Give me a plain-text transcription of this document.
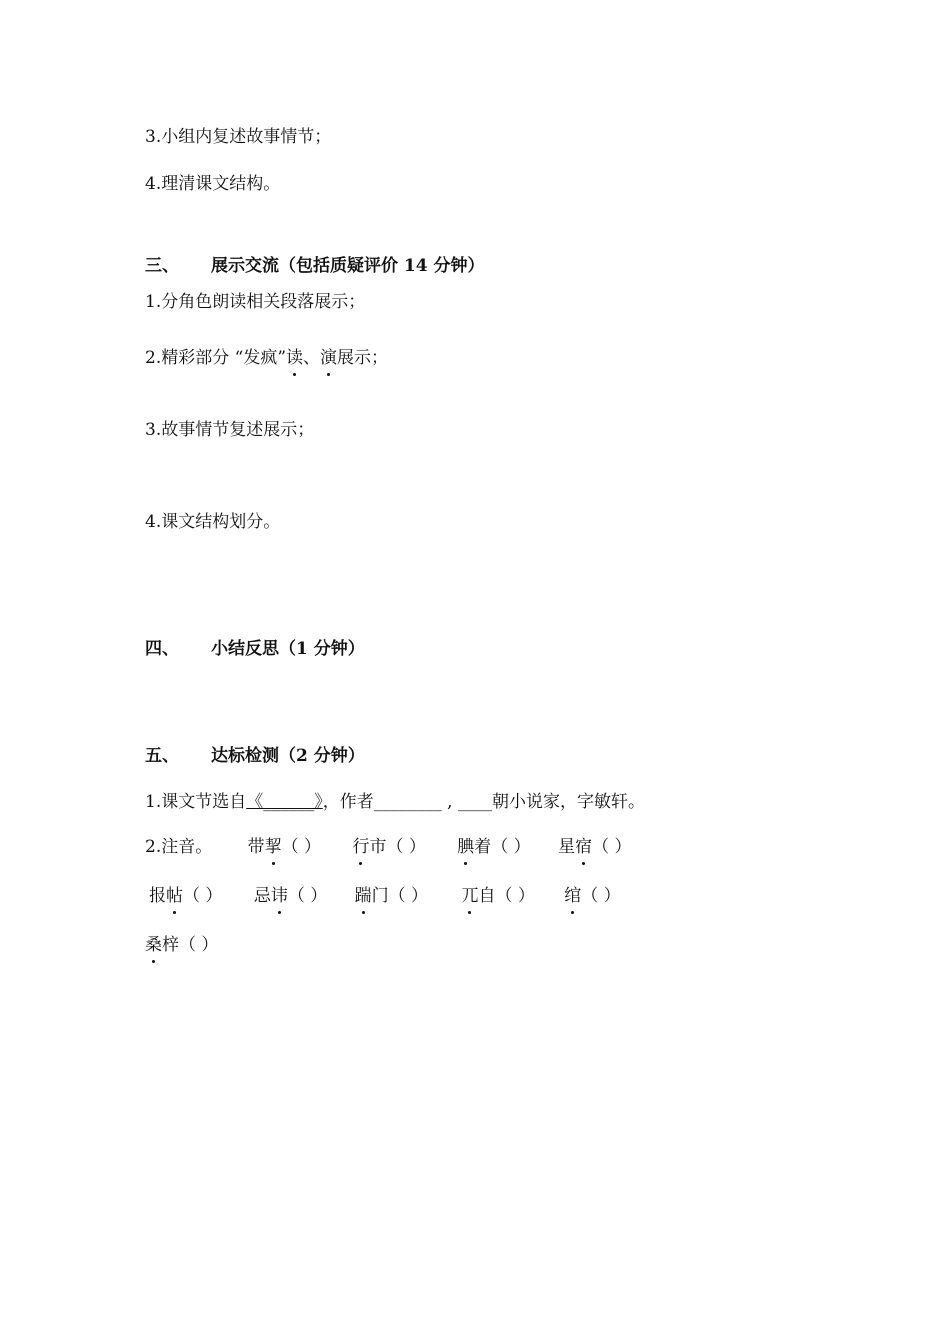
3.小组内复述故事情节；
4.理清课文结构。
三、 展示交流（包括质疑评价 14 分钟）
1.分角色朗读相关段落展示；
2.精彩部分 “发疯”读、演展示；
3.故事情节复述展示；
4.课文结构划分。
四、 小结反思（1 分钟）
五、 达标检测（2 分钟）
1.课文节选自《______》，作者________ , ____朝小说家，字敏轩。
2.注音。 带挈（ ） 行市（ ） 腆着（ ） 星宿（ ）
报帖（ ） 忌讳（ ） 踹门（ ） 兀自（ ） 绾（ ）
桑梓（ ）
